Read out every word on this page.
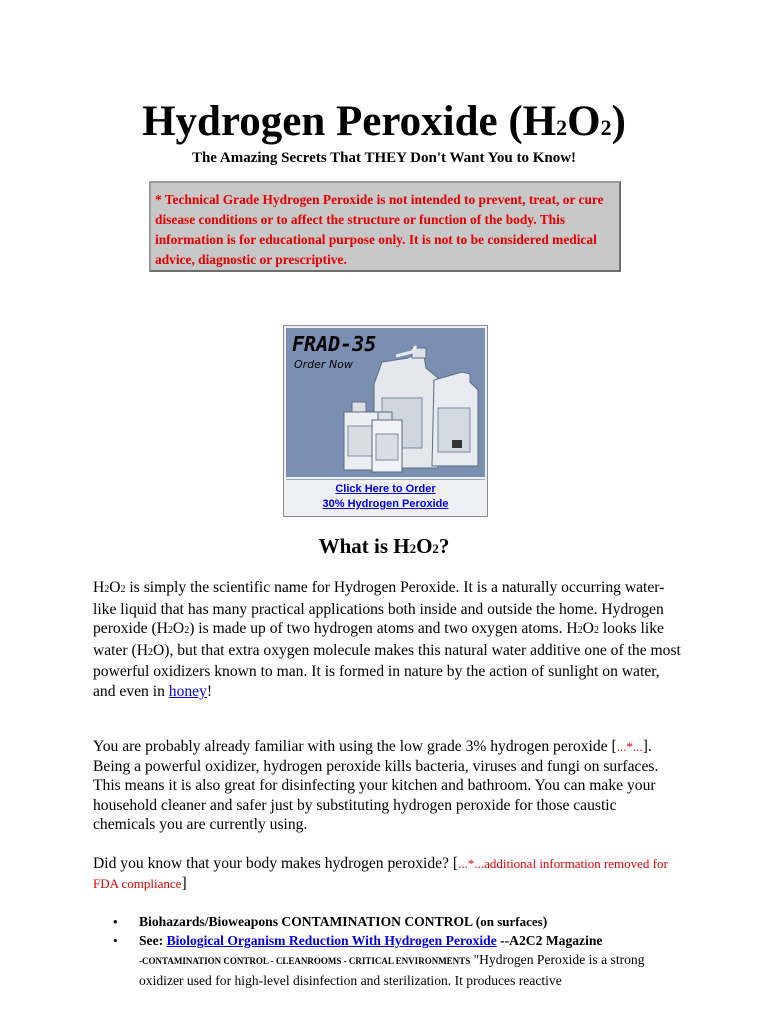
Hydrogen Peroxide (H2O2)
The Amazing Secrets That THEY Don't Want You to Know!
* Technical Grade Hydrogen Peroxide is not intended to prevent, treat, or cure disease conditions or to affect the structure or function of the body. This information is for educational purpose only. It is not to be considered medical advice, diagnostic or prescriptive.
FRAD-35
Order Now
Click Here to Order
30% Hydrogen Peroxide
What is H2O2?

H2O2 is simply the scientific name for Hydrogen Peroxide. It is a naturally occurring water-like liquid that has many practical applications both inside and outside the home. Hydrogen peroxide (H2O2) is made up of two hydrogen atoms and two oxygen atoms. H2O2 looks like water (H2O), but that extra oxygen molecule makes this natural water additive one of the most powerful oxidizers known to man. It is formed in nature by the action of sunlight on water, and even in honey!

You are probably already familiar with using the low grade 3% hydrogen peroxide [...*...]. Being a powerful oxidizer, hydrogen peroxide kills bacteria, viruses and fungi on surfaces. This means it is also great for disinfecting your kitchen and bathroom. You can make your household cleaner and safer just by substituting hydrogen peroxide for those caustic chemicals you are currently using.

Did you know that your body makes hydrogen peroxide? [...*...additional information removed for FDA compliance]

• Biohazards/Bioweapons CONTAMINATION CONTROL (on surfaces)
• See: Biological Organism Reduction With Hydrogen Peroxide --A2C2 Magazine
-CONTAMINATION CONTROL - CLEANROOMS - CRITICAL ENVIRONMENTS "Hydrogen Peroxide is a strong oxidizer used for high-level disinfection and sterilization. It produces reactive
